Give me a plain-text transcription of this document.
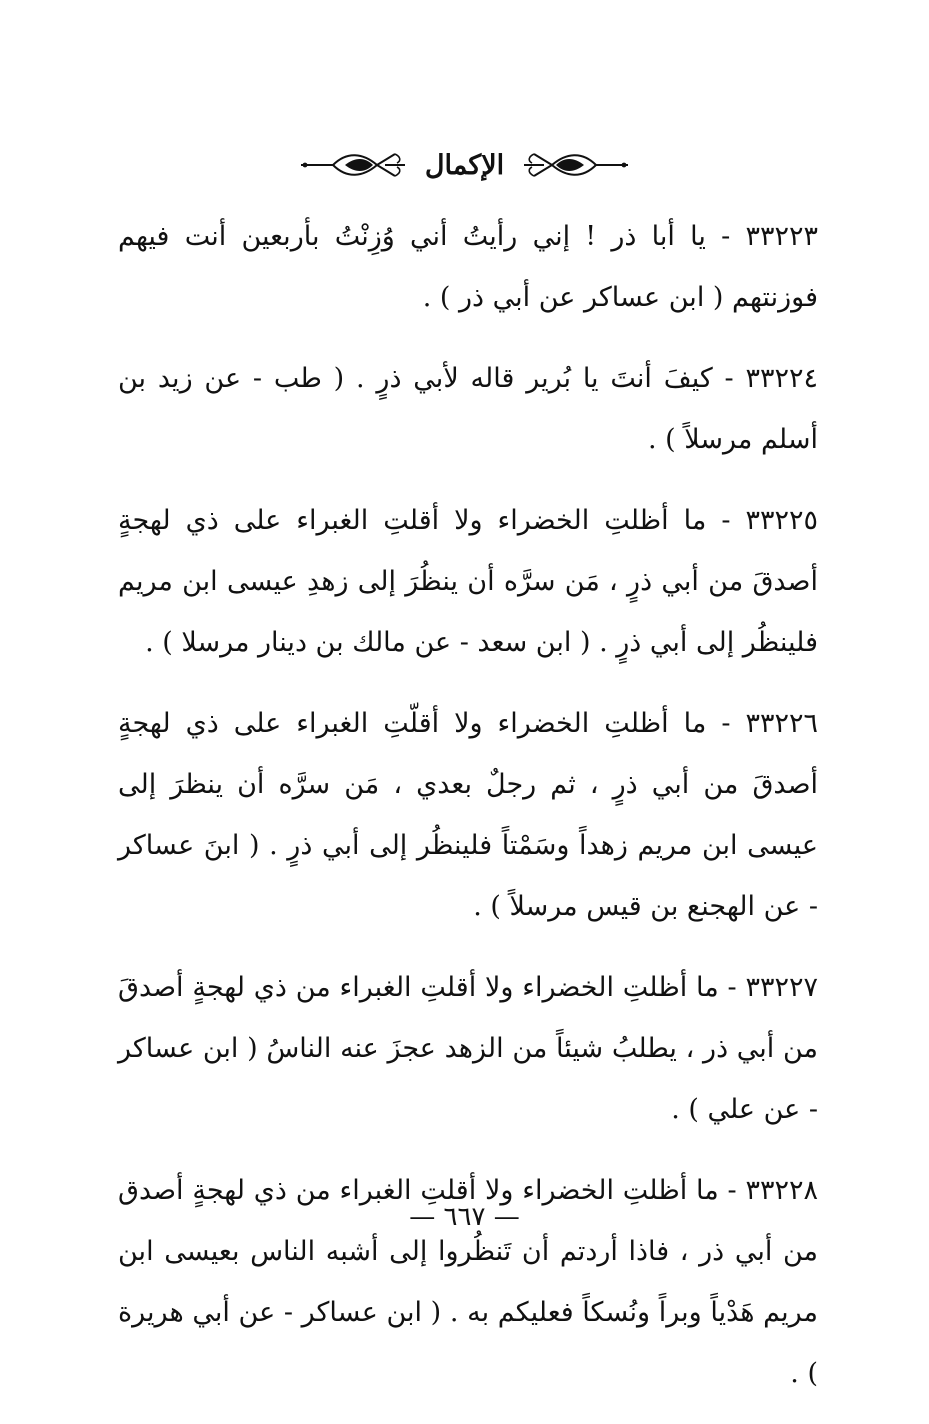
الإكمال

٣٣٢٢٣ - يا أبا ذر ! إني رأيتُ أني وُزِنْتُ بأربعين أنت فيهم فوزنتهم ( ابن عساكر عن أبي ذر ) .

٣٣٢٢٤ - كيفَ أنتَ يا بُرير قاله لأبي ذرٍ . ( طب - عن زيد بن أسلم مرسلاً ) .

٣٣٢٢٥ - ما أظلتِ الخضراء ولا أقلتِ الغبراء على ذي لهجةٍ أصدقَ من أبي ذرٍ ، مَن سرَّه أن ينظُرَ إلى زهدِ عيسى ابن مريم فلينظُر إلى أبي ذرٍ . ( ابن سعد - عن مالك بن دينار مرسلا ) .

٣٣٢٢٦ - ما أظلتِ الخضراء ولا أقلّتِ الغبراء على ذي لهجةٍ أصدقَ من أبي ذرٍ ، ثم رجلٌ بعدي ، مَن سرَّه أن ينظرَ إلى عيسى ابن مريم زهداً وسَمْتاً فلينظُر إلى أبي ذرٍ . ( ابنَ عساكر - عن الهجنع بن قيس مرسلاً ) .

٣٣٢٢٧ - ما أظلتِ الخضراء ولا أقلتِ الغبراء من ذي لهجةٍ أصدقَ من أبي ذر ، يطلبُ شيئاً من الزهد عجزَ عنه الناسُ ( ابن عساكر - عن علي ) .

٣٣٢٢٨ - ما أظلتِ الخضراء ولا أقلتِ الغبراء من ذي لهجةٍ أصدق من أبي ذر ، فاذا أردتم أن تَنظُروا إلى أشبه الناس بعيسى ابن مريم هَدْياً وبراً ونُسكاً فعليكم به . ( ابن عساكر - عن أبي هريرة ) .

— ٦٦٧ —
